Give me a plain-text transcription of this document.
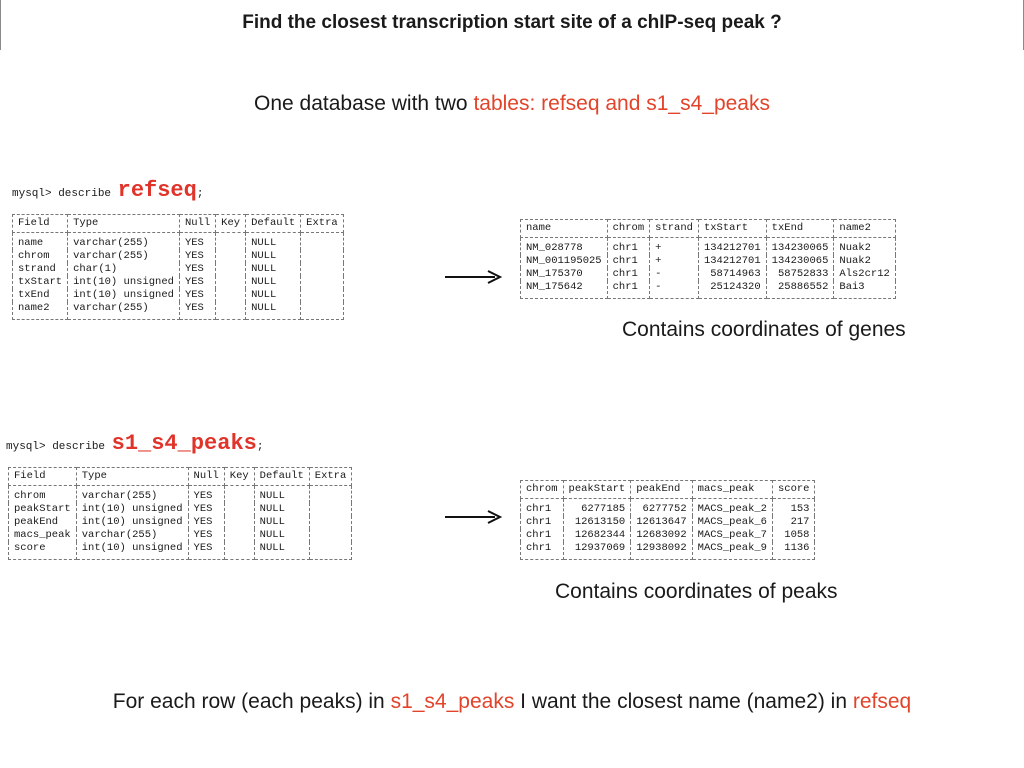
Find the closest transcription start site of a chIP-seq peak ?
One database with two tables: refseq and s1_s4_peaks
mysql> describe refseq;
Field	Type	Null	Key	Default	Extra
name	varchar(255)	YES		NULL	
chrom	varchar(255)	YES		NULL	
strand	char(1)	YES		NULL	
txStart	int(10) unsigned	YES		NULL	
txEnd	int(10) unsigned	YES		NULL	
name2	varchar(255)	YES		NULL	
name	chrom	strand	txStart	txEnd	name2
NM_028778	chr1	+	134212701	134230065	Nuak2
NM_001195025	chr1	+	134212701	134230065	Nuak2
NM_175370	chr1	-	58714963	58752833	Als2cr12
NM_175642	chr1	-	25124320	25886552	Bai3
Contains coordinates of genes
mysql> describe s1_s4_peaks;
Field	Type	Null	Key	Default	Extra
chrom	varchar(255)	YES		NULL	
peakStart	int(10) unsigned	YES		NULL	
peakEnd	int(10) unsigned	YES		NULL	
macs_peak	varchar(255)	YES		NULL	
score	int(10) unsigned	YES		NULL	
chrom	peakStart	peakEnd	macs_peak	score
chr1	6277185	6277752	MACS_peak_2	153
chr1	12613150	12613647	MACS_peak_6	217
chr1	12682344	12683092	MACS_peak_7	1058
chr1	12937069	12938092	MACS_peak_9	1136
Contains coordinates of peaks
For each row (each peaks) in s1_s4_peaks I want the closest name (name2) in refseq
